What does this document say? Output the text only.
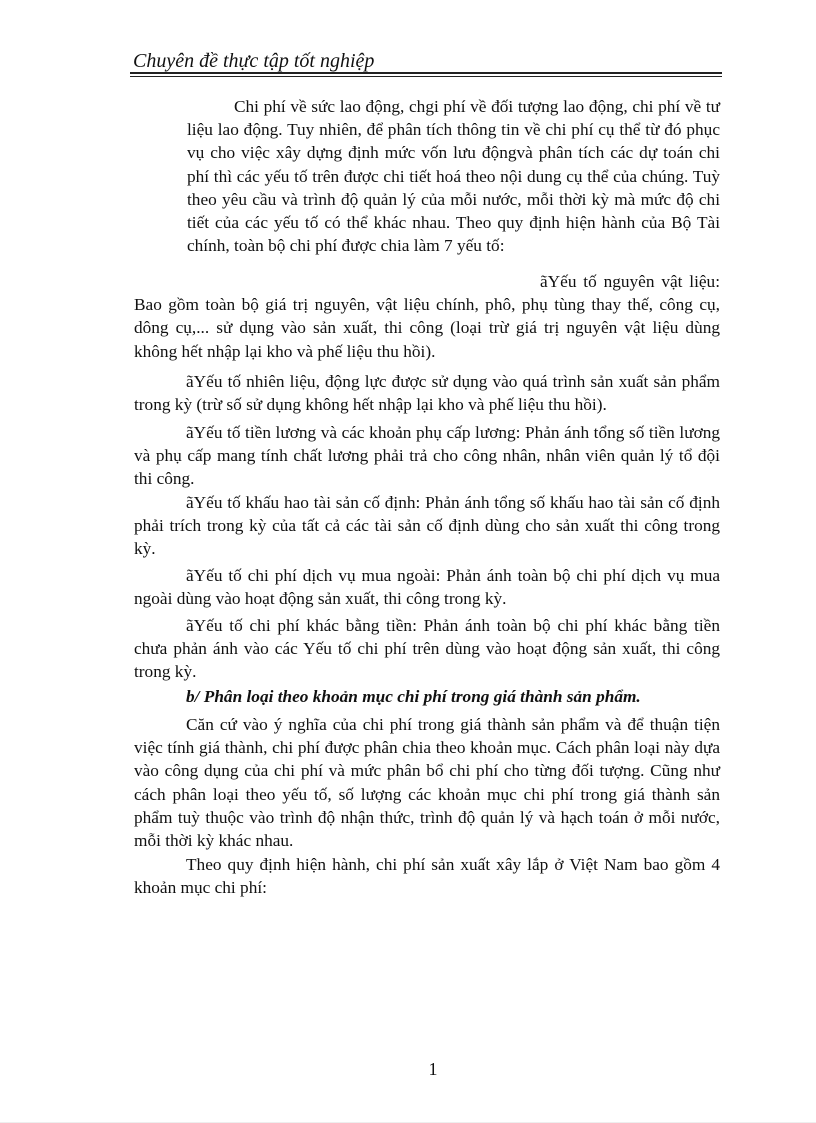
Chuyên đề thực tập tốt nghiệp

Chi phí về sức lao động, chgi phí về đối tượng lao động, chi phí về tư liệu lao động. Tuy nhiên, để phân tích thông tin về chi phí cụ thể từ đó phục vụ cho việc xây dựng định mức vốn lưu độngvà phân tích các dự toán chi phí thì các yếu tố trên được chi tiết hoá theo nội dung cụ thể của chúng. Tuỳ theo yêu cầu và trình độ quản lý của mỗi nước, mỗi thời kỳ mà mức độ chi tiết của các yếu tố có thể khác nhau. Theo quy định hiện hành của Bộ Tài chính, toàn bộ chi phí được chia làm 7 yếu tố:

ãYếu tố nguyên vật liệu: Bao gồm toàn bộ giá trị nguyên, vật liệu chính, phô, phụ tùng thay thế, công cụ, dông cụ,... sử dụng vào sản xuất, thi công (loại trừ giá trị nguyên vật liệu dùng không hết nhập lại kho và phế liệu thu hồi).

ãYếu tố nhiên liệu, động lực được sử dụng vào quá trình sản xuất sản phẩm trong kỳ (trừ số sử dụng không hết nhập lại kho và phế liệu thu hồi).

ãYếu tố tiền lương và các khoản phụ cấp lương: Phản ánh tổng số tiền lương và phụ cấp mang tính chất lương phải trả cho công nhân, nhân viên quản lý tổ đội thi công.

ãYếu tố khấu hao tài sản cố định: Phản ánh tổng số khấu hao tài sản cố định phải trích trong kỳ của tất cả các tài sản cố định dùng cho sản xuất thi công trong kỳ.

ãYếu tố chi phí dịch vụ mua ngoài: Phản ánh toàn bộ chi phí dịch vụ mua ngoài dùng vào hoạt động sản xuất, thi công trong kỳ.

ãYếu tố chi phí khác bằng tiền: Phản ánh toàn bộ chi phí khác bằng tiền chưa phản ánh vào các Yếu tố chi phí trên dùng vào hoạt động sản xuất, thi công trong kỳ.

b/ Phân loại theo khoản mục chi phí trong giá thành sản phẩm.

Căn cứ vào ý nghĩa của chi phí trong giá thành sản phẩm và để thuận tiện việc tính giá thành, chi phí được phân chia theo khoản mục. Cách phân loại này dựa vào công dụng của chi phí và mức phân bổ chi phí cho từng đối tượng. Cũng như cách phân loại theo yếu tố, số lượng các khoản mục chi phí trong giá thành sản phẩm tuỳ thuộc vào trình độ nhận thức, trình độ quản lý và hạch toán ở mỗi nước, mỗi thời kỳ khác nhau.

Theo quy định hiện hành, chi phí sản xuất xây lắp ở Việt Nam bao gồm 4 khoản mục chi phí:

1
